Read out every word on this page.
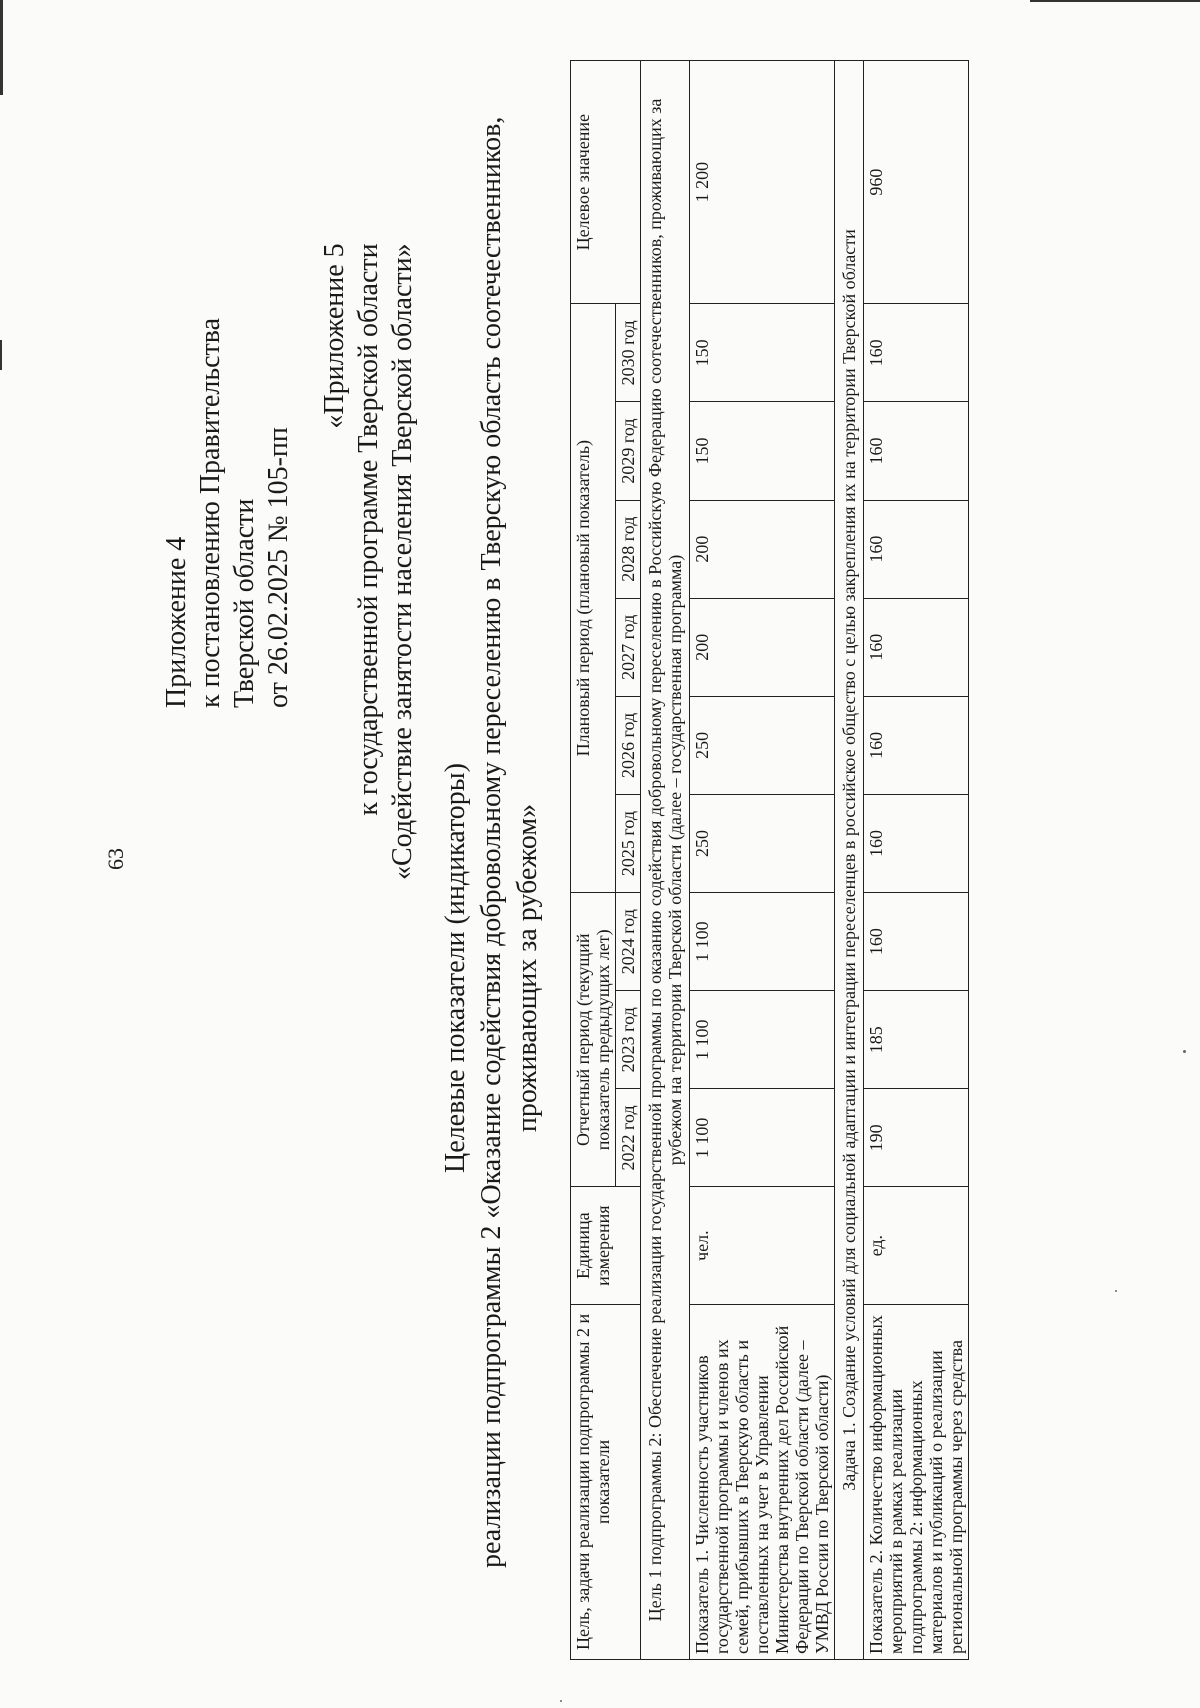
63
Приложение 4 к постановлению Правительства Тверской области от 26.02.2025 № 105-пп
«Приложение 5 к государственной программе Тверской области «Содействие занятости населения Тверской области»
Целевые показатели (индикаторы) реализации подпрограммы 2 «Оказание содействия добровольному переселению в Тверскую область соотечественников, проживающих за рубежом»
Цель, задачи реализации подпрограммы 2 и показатели	Единица измерения	Отчетный период (текущий показатель предыдущих лет)			Плановый период (плановый показатель)						Целевое значение
		2022 год	2023 год	2024 год	2025 год	2026 год	2027 год	2028 год	2029 год	2030 год	
Цель 1 подпрограммы 2: Обеспечение реализации государственной программы по оказанию содействия добровольному переселению в Российскую Федерацию соотечественников, проживающих за рубежом на территории Тверской области (далее – государственная программа)											
Показатель 1. Численность участников государственной программы и членов их семей, прибывших в Тверскую область и поставленных на учет в Управлении Министерства внутренних дел Российской Федерации по Тверской области (далее – УМВД России по Тверской области)	чел.	1 100	1 100	1 100	250	250	200	200	150	150	1 200
Задача 1. Создание условий для социальной адаптации и интеграции переселенцев в российское общество с целью закрепления их на территории Тверской области											
Показатель 2. Количество информационных мероприятий в рамках реализации подпрограммы 2: информационных материалов и публикаций о реализации региональной программы через средства	ед.	190	185	160	160	160	160	160	160	160	960
